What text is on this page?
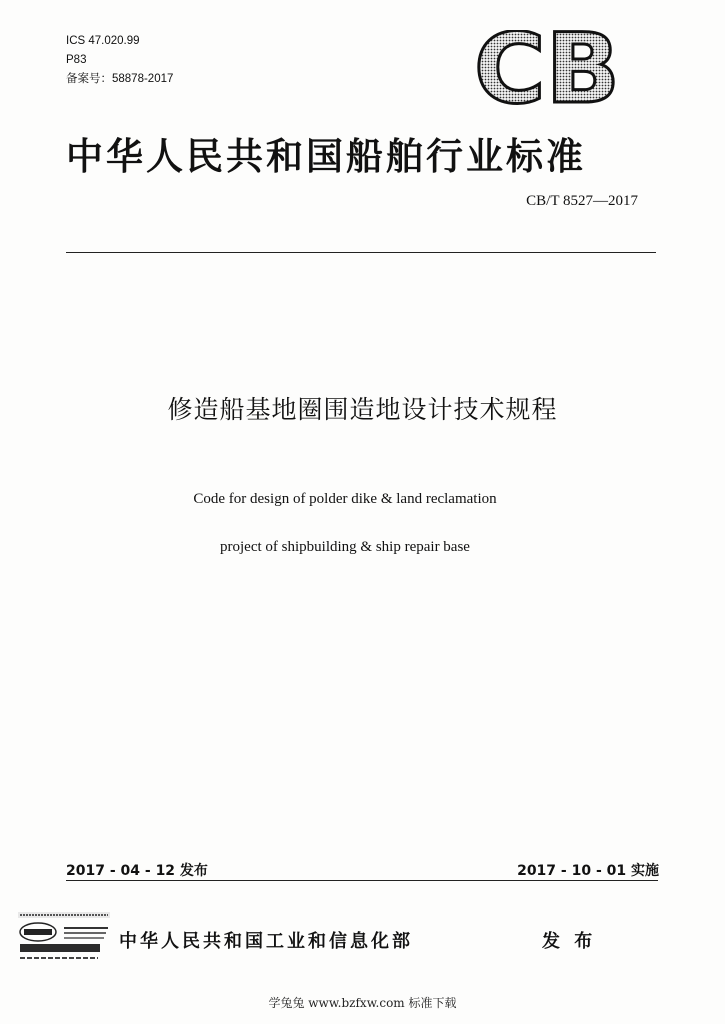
ICS 47.020.99
P83
备案号：58878-2017	CB
中华人民共和国船舶行业标准
CB/T 8527—2017
修造船基地圈围造地设计技术规程
Code for design of polder dike & land reclamation
project of shipbuilding & ship repair base
2017 - 04 - 12 发布	2017 - 10 - 01 实施
中华人民共和国工业和信息化部	发 布
学兔兔 www.bzfxw.com 标准下载
